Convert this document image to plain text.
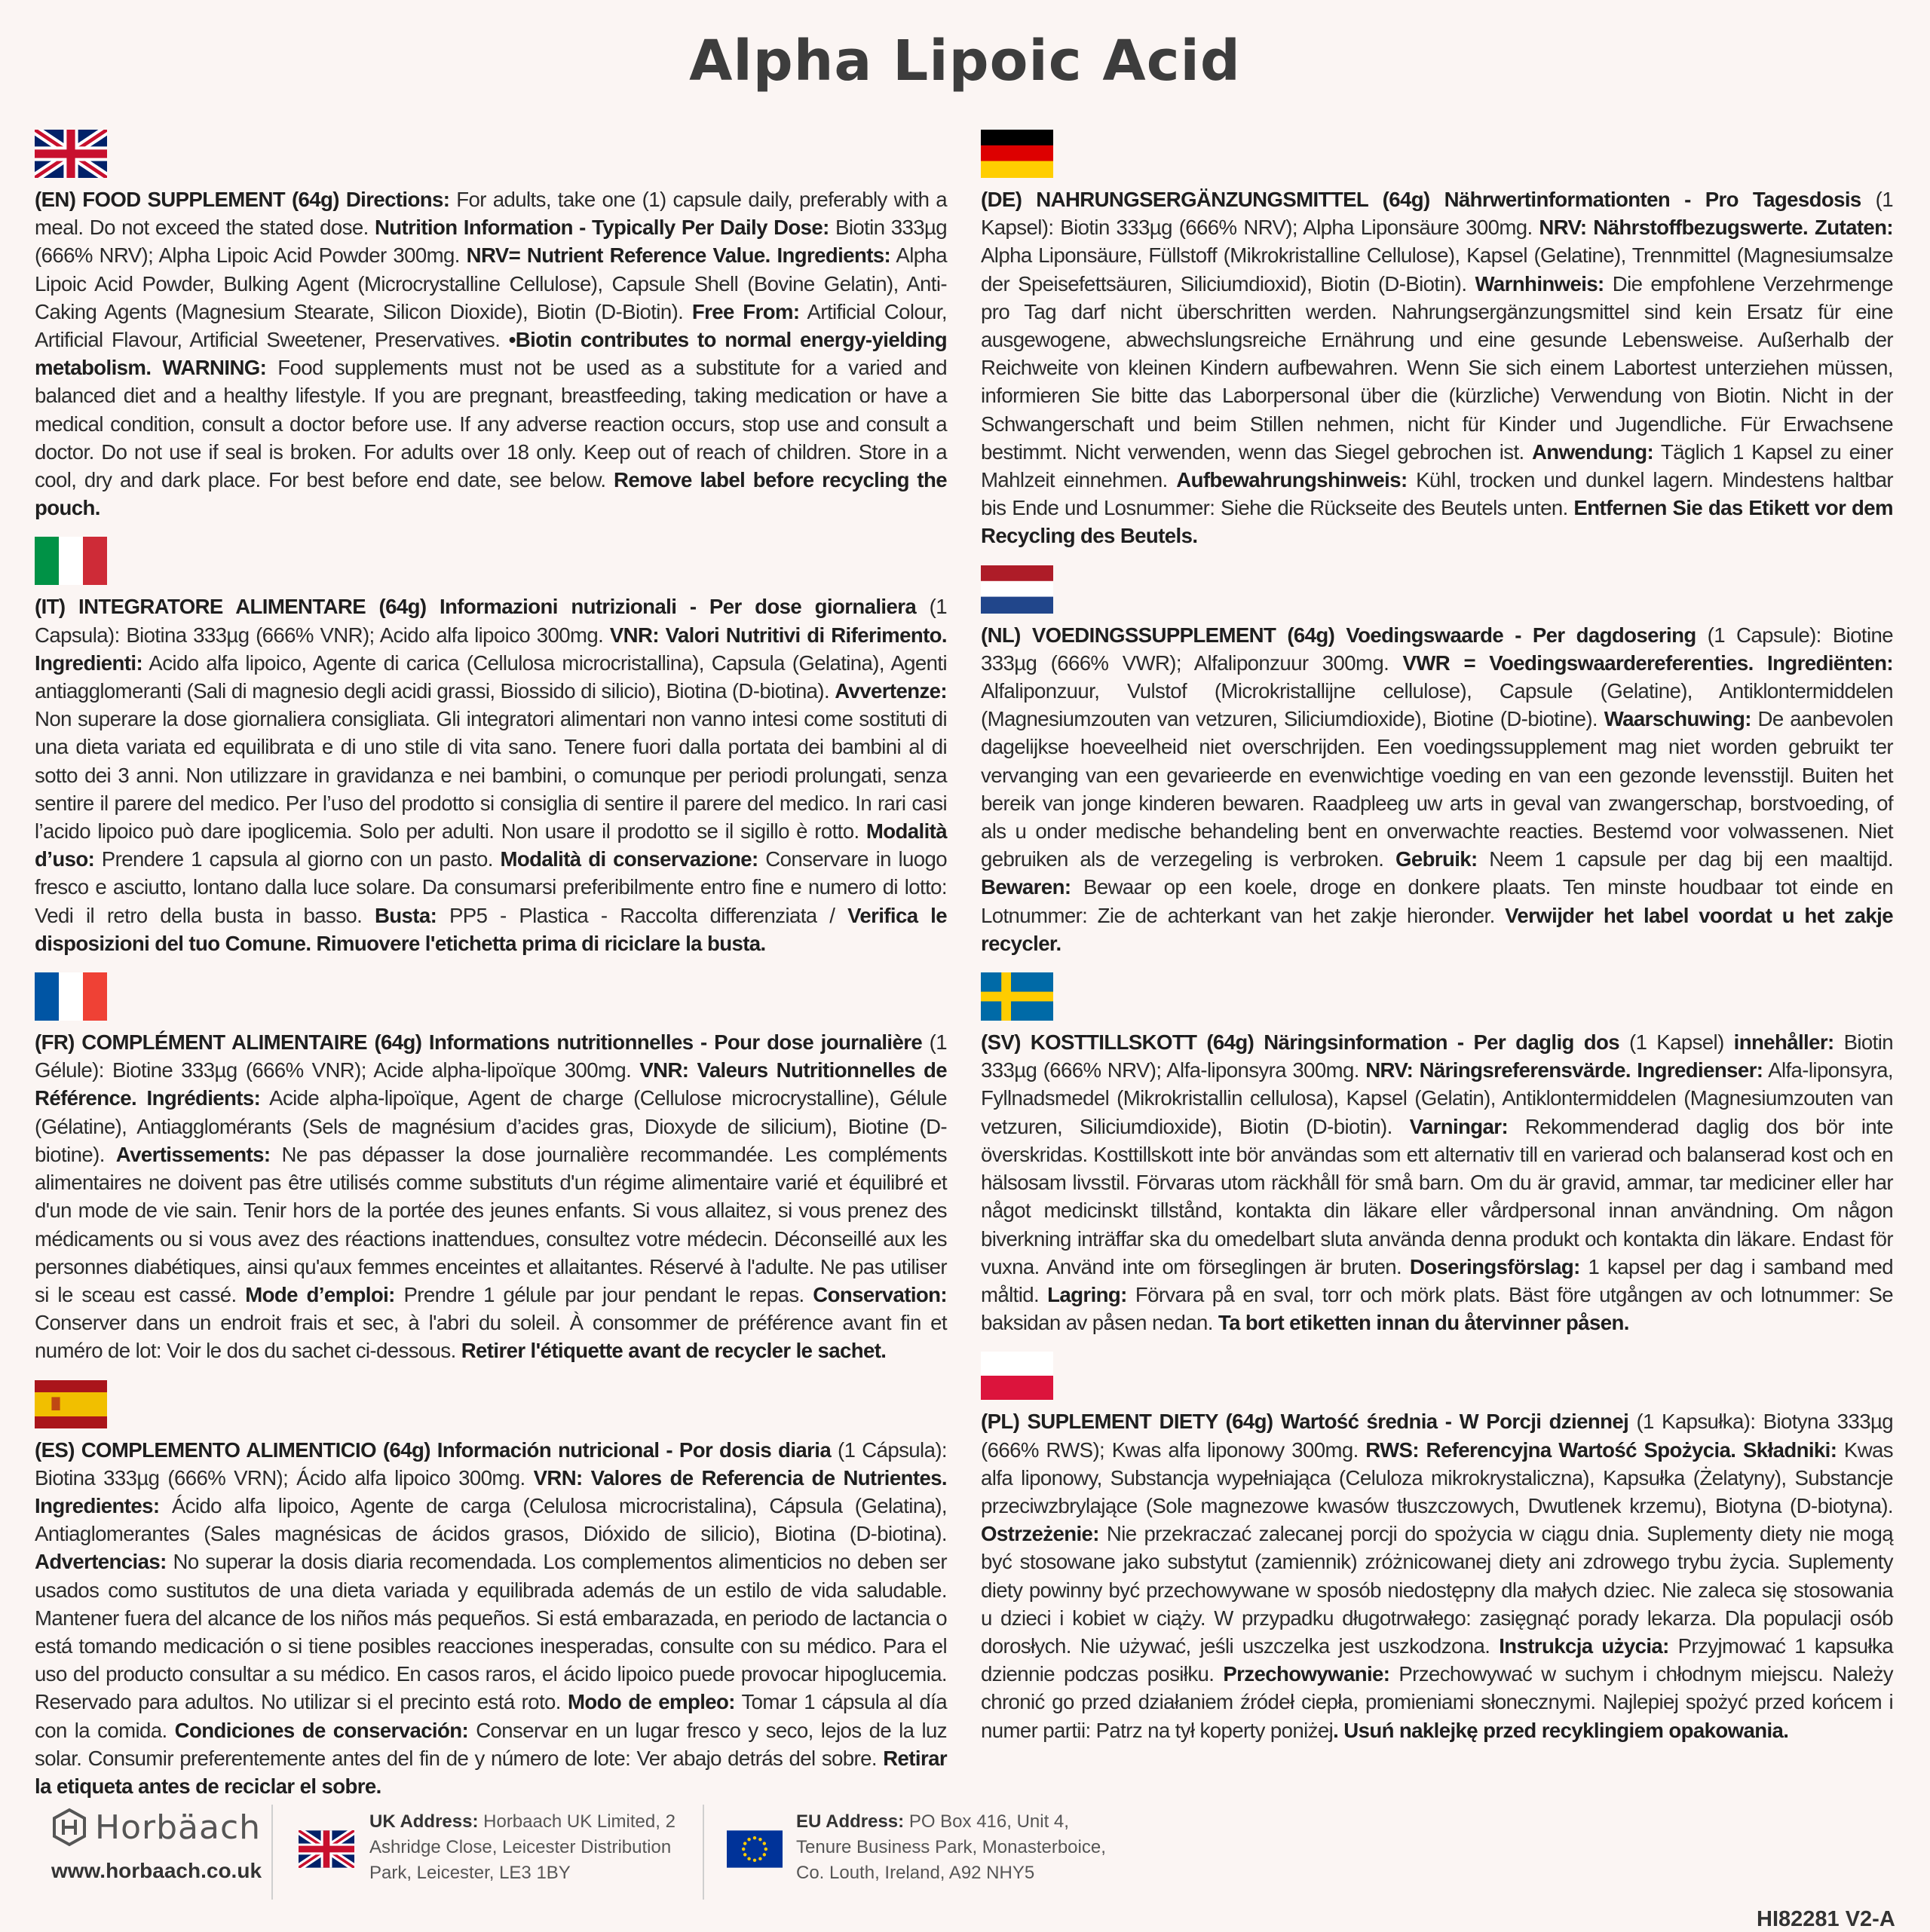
Alpha Lipoic Acid

(EN) FOOD SUPPLEMENT (64g) Directions: For adults, take one (1) capsule daily, preferably with a meal. Do not exceed the stated dose. Nutrition Information - Typically Per Daily Dose: Biotin 333µg (666% NRV); Alpha Lipoic Acid Powder 300mg. NRV= Nutrient Reference Value. Ingredients: Alpha Lipoic Acid Powder, Bulking Agent (Microcrystalline Cellulose), Capsule Shell (Bovine Gelatin), Anti-Caking Agents (Magnesium Stearate, Silicon Dioxide), Biotin (D-Biotin). Free From: Artificial Colour, Artificial Flavour, Artificial Sweetener, Preservatives. •Biotin contributes to normal energy-yielding metabolism. WARNING: Food supplements must not be used as a substitute for a varied and balanced diet and a healthy lifestyle. If you are pregnant, breastfeeding, taking medication or have a medical condition, consult a doctor before use. If any adverse reaction occurs, stop use and consult a doctor. Do not use if seal is broken. For adults over 18 only. Keep out of reach of children. Store in a cool, dry and dark place. For best before end date, see below. Remove label before recycling the pouch.

(IT) INTEGRATORE ALIMENTARE (64g) Informazioni nutrizionali - Per dose giornaliera (1 Capsula): Biotina 333µg (666% VNR); Acido alfa lipoico 300mg. VNR: Valori Nutritivi di Riferimento. Ingredienti: Acido alfa lipoico, Agente di carica (Cellulosa microcristallina), Capsula (Gelatina), Agenti antiagglomeranti (Sali di magnesio degli acidi grassi, Biossido di silicio), Biotina (D-biotina). Avvertenze: Non superare la dose giornaliera consigliata. Gli integratori alimentari non vanno intesi come sostituti di una dieta variata ed equilibrata e di uno stile di vita sano. Tenere fuori dalla portata dei bambini al di sotto dei 3 anni. Non utilizzare in gravidanza e nei bambini, o comunque per periodi prolungati, senza sentire il parere del medico. Per l’uso del prodotto si consiglia di sentire il parere del medico. In rari casi l’acido lipoico può dare ipoglicemia. Solo per adulti. Non usare il prodotto se il sigillo è rotto. Modalità d’uso: Prendere 1 capsula al giorno con un pasto. Modalità di conservazione: Conservare in luogo fresco e asciutto, lontano dalla luce solare. Da consumarsi preferibilmente entro fine e numero di lotto: Vedi il retro della busta in basso. Busta: PP5 - Plastica - Raccolta differenziata / Verifica le disposizioni del tuo Comune. Rimuovere l'etichetta prima di riciclare la busta.

(FR) COMPLÉMENT ALIMENTAIRE (64g) Informations nutritionnelles - Pour dose journalière (1 Gélule): Biotine 333µg (666% VNR); Acide alpha-lipoïque 300mg. VNR: Valeurs Nutritionnelles de Référence. Ingrédients: Acide alpha-lipoïque, Agent de charge (Cellulose microcrystalline), Gélule (Gélatine), Antiagglomérants (Sels de magnésium d’acides gras, Dioxyde de silicium), Biotine (D-biotine). Avertissements: Ne pas dépasser la dose journalière recommandée. Les compléments alimentaires ne doivent pas être utilisés comme substituts d'un régime alimentaire varié et équilibré et d'un mode de vie sain. Tenir hors de la portée des jeunes enfants. Si vous allaitez, si vous prenez des médicaments ou si vous avez des réactions inattendues, consultez votre médecin. Déconseillé aux les personnes diabétiques, ainsi qu'aux femmes enceintes et allaitantes. Réservé à l'adulte. Ne pas utiliser si le sceau est cassé. Mode d’emploi: Prendre 1 gélule par jour pendant le repas. Conservation: Conserver dans un endroit frais et sec, à l'abri du soleil. À consommer de préférence avant fin et numéro de lot: Voir le dos du sachet ci-dessous. Retirer l'étiquette avant de recycler le sachet.

(ES) COMPLEMENTO ALIMENTICIO (64g) Información nutricional - Por dosis diaria (1 Cápsula): Biotina 333µg (666% VRN); Ácido alfa lipoico 300mg. VRN: Valores de Referencia de Nutrientes. Ingredientes: Ácido alfa lipoico, Agente de carga (Celulosa microcristalina), Cápsula (Gelatina), Antiaglomerantes (Sales magnésicas de ácidos grasos, Dióxido de silicio), Biotina (D-biotina). Advertencias: No superar la dosis diaria recomendada. Los complementos alimenticios no deben ser usados como sustitutos de una dieta variada y equilibrada además de un estilo de vida saludable. Mantener fuera del alcance de los niños más pequeños. Si está embarazada, en periodo de lactancia o está tomando medicación o si tiene posibles reacciones inesperadas, consulte con su médico. Para el uso del producto consultar a su médico. En casos raros, el ácido lipoico puede provocar hipoglucemia. Reservado para adultos. No utilizar si el precinto está roto. Modo de empleo: Tomar 1 cápsula al día con la comida. Condiciones de conservación: Conservar en un lugar fresco y seco, lejos de la luz solar. Consumir preferentemente antes del fin de y número de lote: Ver abajo detrás del sobre. Retirar la etiqueta antes de reciclar el sobre.

(DE) NAHRUNGSERGÄNZUNGSMITTEL (64g) Nährwertinformationten - Pro Tagesdosis (1 Kapsel): Biotin 333µg (666% NRV); Alpha Liponsäure 300mg. NRV: Nährstoffbezugswerte. Zutaten: Alpha Liponsäure, Füllstoff (Mikrokristalline Cellulose), Kapsel (Gelatine), Trennmittel (Magnesiumsalze der Speisefettsäuren, Siliciumdioxid), Biotin (D-Biotin). Warnhinweis: Die empfohlene Verzehrmenge pro Tag darf nicht überschritten werden. Nahrungsergänzungsmittel sind kein Ersatz für eine ausgewogene, abwechslungsreiche Ernährung und eine gesunde Lebensweise. Außerhalb der Reichweite von kleinen Kindern aufbewahren. Wenn Sie sich einem Labortest unterziehen müssen, informieren Sie bitte das Laborpersonal über die (kürzliche) Verwendung von Biotin. Nicht in der Schwangerschaft und beim Stillen nehmen, nicht für Kinder und Jugendliche. Für Erwachsene bestimmt. Nicht verwenden, wenn das Siegel gebrochen ist. Anwendung: Täglich 1 Kapsel zu einer Mahlzeit einnehmen. Aufbewahrungshinweis: Kühl, trocken und dunkel lagern. Mindestens haltbar bis Ende und Losnummer: Siehe die Rückseite des Beutels unten. Entfernen Sie das Etikett vor dem Recycling des Beutels.

(NL) VOEDINGSSUPPLEMENT (64g) Voedingswaarde - Per dagdosering (1 Capsule): Biotine 333µg (666% VWR); Alfaliponzuur 300mg. VWR = Voedingswaardereferenties. Ingrediënten: Alfaliponzuur, Vulstof (Microkristallijne cellulose), Capsule (Gelatine), Antiklontermiddelen (Magnesiumzouten van vetzuren, Siliciumdioxide), Biotine (D-biotine). Waarschuwing: De aanbevolen dagelijkse hoeveelheid niet overschrijden. Een voedingssupplement mag niet worden gebruikt ter vervanging van een gevarieerde en evenwichtige voeding en van een gezonde levensstijl. Buiten het bereik van jonge kinderen bewaren. Raadpleeg uw arts in geval van zwangerschap, borstvoeding, of als u onder medische behandeling bent en onverwachte reacties. Bestemd voor volwassenen. Niet gebruiken als de verzegeling is verbroken. Gebruik: Neem 1 capsule per dag bij een maaltijd. Bewaren: Bewaar op een koele, droge en donkere plaats. Ten minste houdbaar tot einde en Lotnummer: Zie de achterkant van het zakje hieronder. Verwijder het label voordat u het zakje recycler.

(SV) KOSTTILLSKOTT (64g) Näringsinformation - Per daglig dos (1 Kapsel) innehåller: Biotin 333µg (666% NRV); Alfa-liponsyra 300mg. NRV: Näringsreferensvärde. Ingredienser: Alfa-liponsyra, Fyllnadsmedel (Mikrokristallin cellulosa), Kapsel (Gelatin), Antiklontermiddelen (Magnesiumzouten van vetzuren, Siliciumdioxide), Biotin (D-biotin). Varningar: Rekommenderad daglig dos bör inte överskridas. Kosttillskott inte bör användas som ett alternativ till en varierad och balanserad kost och en hälsosam livsstil. Förvaras utom räckhåll för små barn. Om du är gravid, ammar, tar mediciner eller har något medicinskt tillstånd, kontakta din läkare eller vårdpersonal innan användning. Om någon biverkning inträffar ska du omedelbart sluta använda denna produkt och kontakta din läkare. Endast för vuxna. Använd inte om förseglingen är bruten. Doseringsförslag: 1 kapsel per dag i samband med måltid. Lagring: Förvara på en sval, torr och mörk plats. Bäst före utgången av och lotnummer: Se baksidan av påsen nedan. Ta bort etiketten innan du återvinner påsen.

(PL) SUPLEMENT DIETY (64g) Wartość średnia - W Porcji dziennej (1 Kapsułka): Biotyna 333µg (666% RWS); Kwas alfa liponowy 300mg. RWS: Referencyjna Wartość Spożycia. Składniki: Kwas alfa liponowy, Substancja wypełniająca (Celuloza mikrokrystaliczna), Kapsułka (Żelatyny), Substancje przeciwzbrylające (Sole magnezowe kwasów tłuszczowych, Dwutlenek krzemu), Biotyna (D-biotyna). Ostrzeżenie: Nie przekraczać zalecanej porcji do spożycia w ciągu dnia. Suplementy diety nie mogą być stosowane jako substytut (zamiennik) zróżnicowanej diety ani zdrowego trybu życia. Suplementy diety powinny być przechowywane w sposób niedostępny dla małych dziec. Nie zaleca się stosowania u dzieci i kobiet w ciąży. W przypadku długotrwałego: zasięgnąć porady lekarza. Dla populacji osób dorosłych. Nie używać, jeśli uszczelka jest uszkodzona. Instrukcja użycia: Przyjmować 1 kapsułka dziennie podczas posiłku. Przechowywanie: Przechowywać w suchym i chłodnym miejscu. Należy chronić go przed działaniem źródeł ciepła, promieniami słonecznymi. Najlepiej spożyć przed końcem i numer partii: Patrz na tył koperty poniżej. Usuń naklejkę przed recyklingiem opakowania.

Horbäach
www.horbaach.co.uk
UK Address: Horbaach UK Limited, 2 Ashridge Close, Leicester Distribution Park, Leicester, LE3 1BY
EU Address: PO Box 416, Unit 4, Tenure Business Park, Monasterboice, Co. Louth, Ireland, A92 NHY5
HI82281 V2-A
